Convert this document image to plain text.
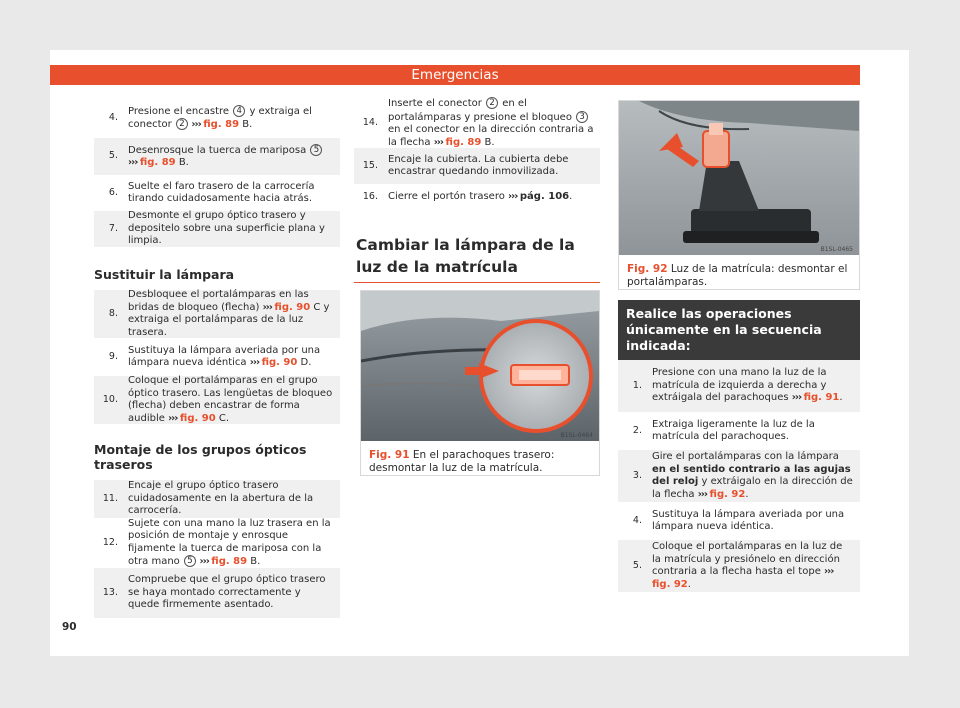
Emergencias
4.
Presione el encastre 4 y extraiga el conector 2 ››› fig. 89 B.
5.
Desenrosque la tuerca de mariposa 5
››› fig. 89 B.
6.
Suelte el faro trasero de la carrocería tirando cuidadosamente hacia atrás.
7.
Desmonte el grupo óptico trasero y depositelo sobre una superficie plana y limpia.
Sustituir la lámpara
8.
Desbloquee el portalámparas en las bridas de bloqueo (flecha) ››› fig. 90 C y extraiga el portalámparas de la luz trasera.
9.
Sustituya la lámpara averiada por una lámpara nueva idéntica ››› fig. 90 D.
10.
Coloque el portalámparas en el grupo óptico trasero. Las lengüetas de bloqueo (flecha) deben encastrar de forma audible ››› fig. 90 C.
Montaje de los grupos ópticos traseros
11.
Encaje el grupo óptico trasero cuidadosamente en la abertura de la carrocería.
12.
Sujete con una mano la luz trasera en la posición de montaje y enrosque fijamente la tuerca de mariposa con la otra mano 5 ››› fig. 89 B.
13.
Compruebe que el grupo óptico trasero se haya montado correctamente y quede firmemente asentado.
14.
Inserte el conector 2 en el portalámparas y presione el bloqueo 3 en el conector en la dirección contraria a la flecha ››› fig. 89 B.
15.
Encaje la cubierta. La cubierta debe encastrar quedando inmovilizada.
16.	Cierre el portón trasero ››› pág. 106.
Cambiar la lámpara de la luz de la matrícula
B1SL-0464
Fig. 91 En el parachoques trasero: desmontar la luz de la matrícula.
B1SL-0465
Fig. 92 Luz de la matrícula: desmontar el portalámparas.
Realice las operaciones únicamente en la secuencia indicada:
1.
Presione con una mano la luz de la matrícula de izquierda a derecha y extráigala del parachoques ››› fig. 91.
2.
Extraiga ligeramente la luz de la matrícula del parachoques.
3.
Gire el portalámparas con la lámpara en el sentido contrario a las agujas del reloj y extráigalo en la dirección de la flecha ››› fig. 92.
4.
Sustituya la lámpara averiada por una lámpara nueva idéntica.
5.
Coloque el portalámparas en la luz de la matrícula y presiónelo en dirección contraria a la flecha hasta el tope ››› fig. 92.
90
